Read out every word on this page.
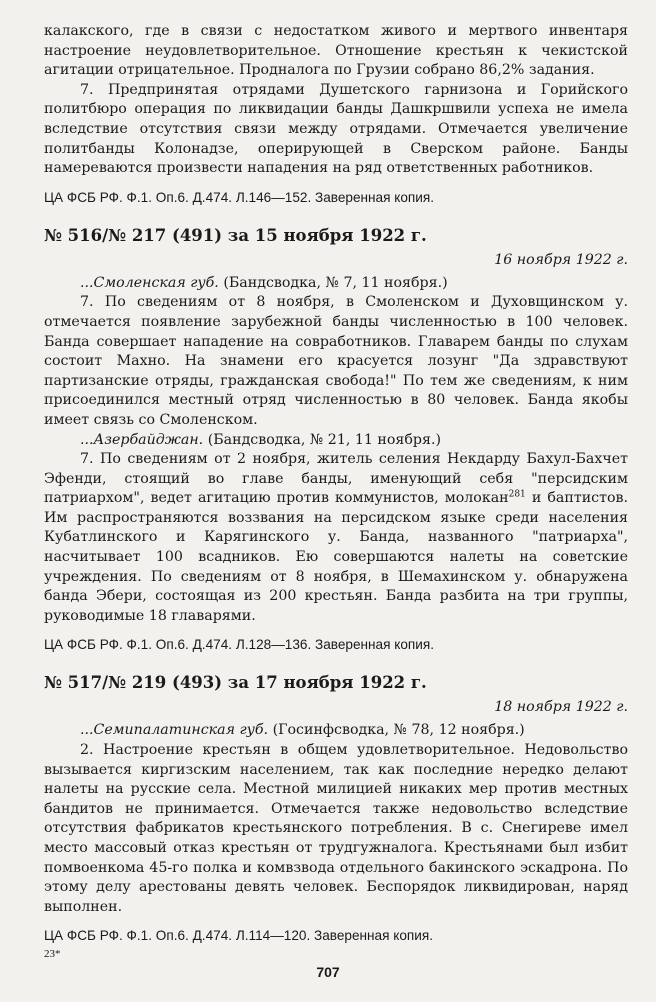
калакского, где в связи с недостатком живого и мертвого инвентаря настроение неудовлетворительное. Отношение крестьян к чекистской агитации отрицательное. Продналога по Грузии собрано 86,2% задания.

7. Предпринятая отрядами Душетского гарнизона и Горийского политбюро операция по ликвидации банды Дашкршвили успеха не имела вследствие отсутствия связи между отрядами. Отмечается увеличение политбанды Колонадзе, оперирующей в Сверском районе. Банды намереваются произвести нападения на ряд ответственных работников.

ЦА ФСБ РФ. Ф.1. Оп.6. Д.474. Л.146—152. Заверенная копия.

№ 516/№ 217 (491) за 15 ноября 1922 г.

16 ноября 1922 г.

...Смоленская губ. (Бандсводка, № 7, 11 ноября.)

7. По сведениям от 8 ноября, в Смоленском и Духовщинском у. отмечается появление зарубежной банды численностью в 100 человек. Банда совершает нападение на совработников. Главарем банды по слухам состоит Махно. На знамени его красуется лозунг "Да здравствуют партизанские отряды, гражданская свобода!" По тем же сведениям, к ним присоединился местный отряд численностью в 80 человек. Банда якобы имеет связь со Смоленском.

...Азербайджан. (Бандсводка, № 21, 11 ноября.)

7. По сведениям от 2 ноября, житель селения Некдарду Бахул-Бахчет Эфенди, стоящий во главе банды, именующий себя "персидским патриархом", ведет агитацию против коммунистов, молокан$^{281}$ и баптистов. Им распространяются воззвания на персидском языке среди населения Кубатлинского и Карягинского у. Банда, названного "патриарха", насчитывает 100 всадников. Ею совершаются налеты на советские учреждения. По сведениям от 8 ноября, в Шемахинском у. обнаружена банда Эбери, состоящая из 200 крестьян. Банда разбита на три группы, руководимые 18 главарями.

ЦА ФСБ РФ. Ф.1. Оп.6. Д.474. Л.128—136. Заверенная копия.

№ 517/№ 219 (493) за 17 ноября 1922 г.

18 ноября 1922 г.

...Семипалатинская губ. (Госинфсводка, № 78, 12 ноября.)

2. Настроение крестьян в общем удовлетворительное. Недовольство вызывается киргизским населением, так как последние нередко делают налеты на русские села. Местной милицией никаких мер против местных бандитов не принимается. Отмечается также недовольство вследствие отсутствия фабрикатов крестьянского потребления. В с. Снегиреве имел место массовый отказ крестьян от трудгужналога. Крестьянами был избит помвоенкома 45-го полка и комвзвода отдельного бакинского эскадрона. По этому делу арестованы девять человек. Беспорядок ликвидирован, наряд выполнен.

ЦА ФСБ РФ. Ф.1. Оп.6. Д.474. Л.114—120. Заверенная копия.

23*
707
